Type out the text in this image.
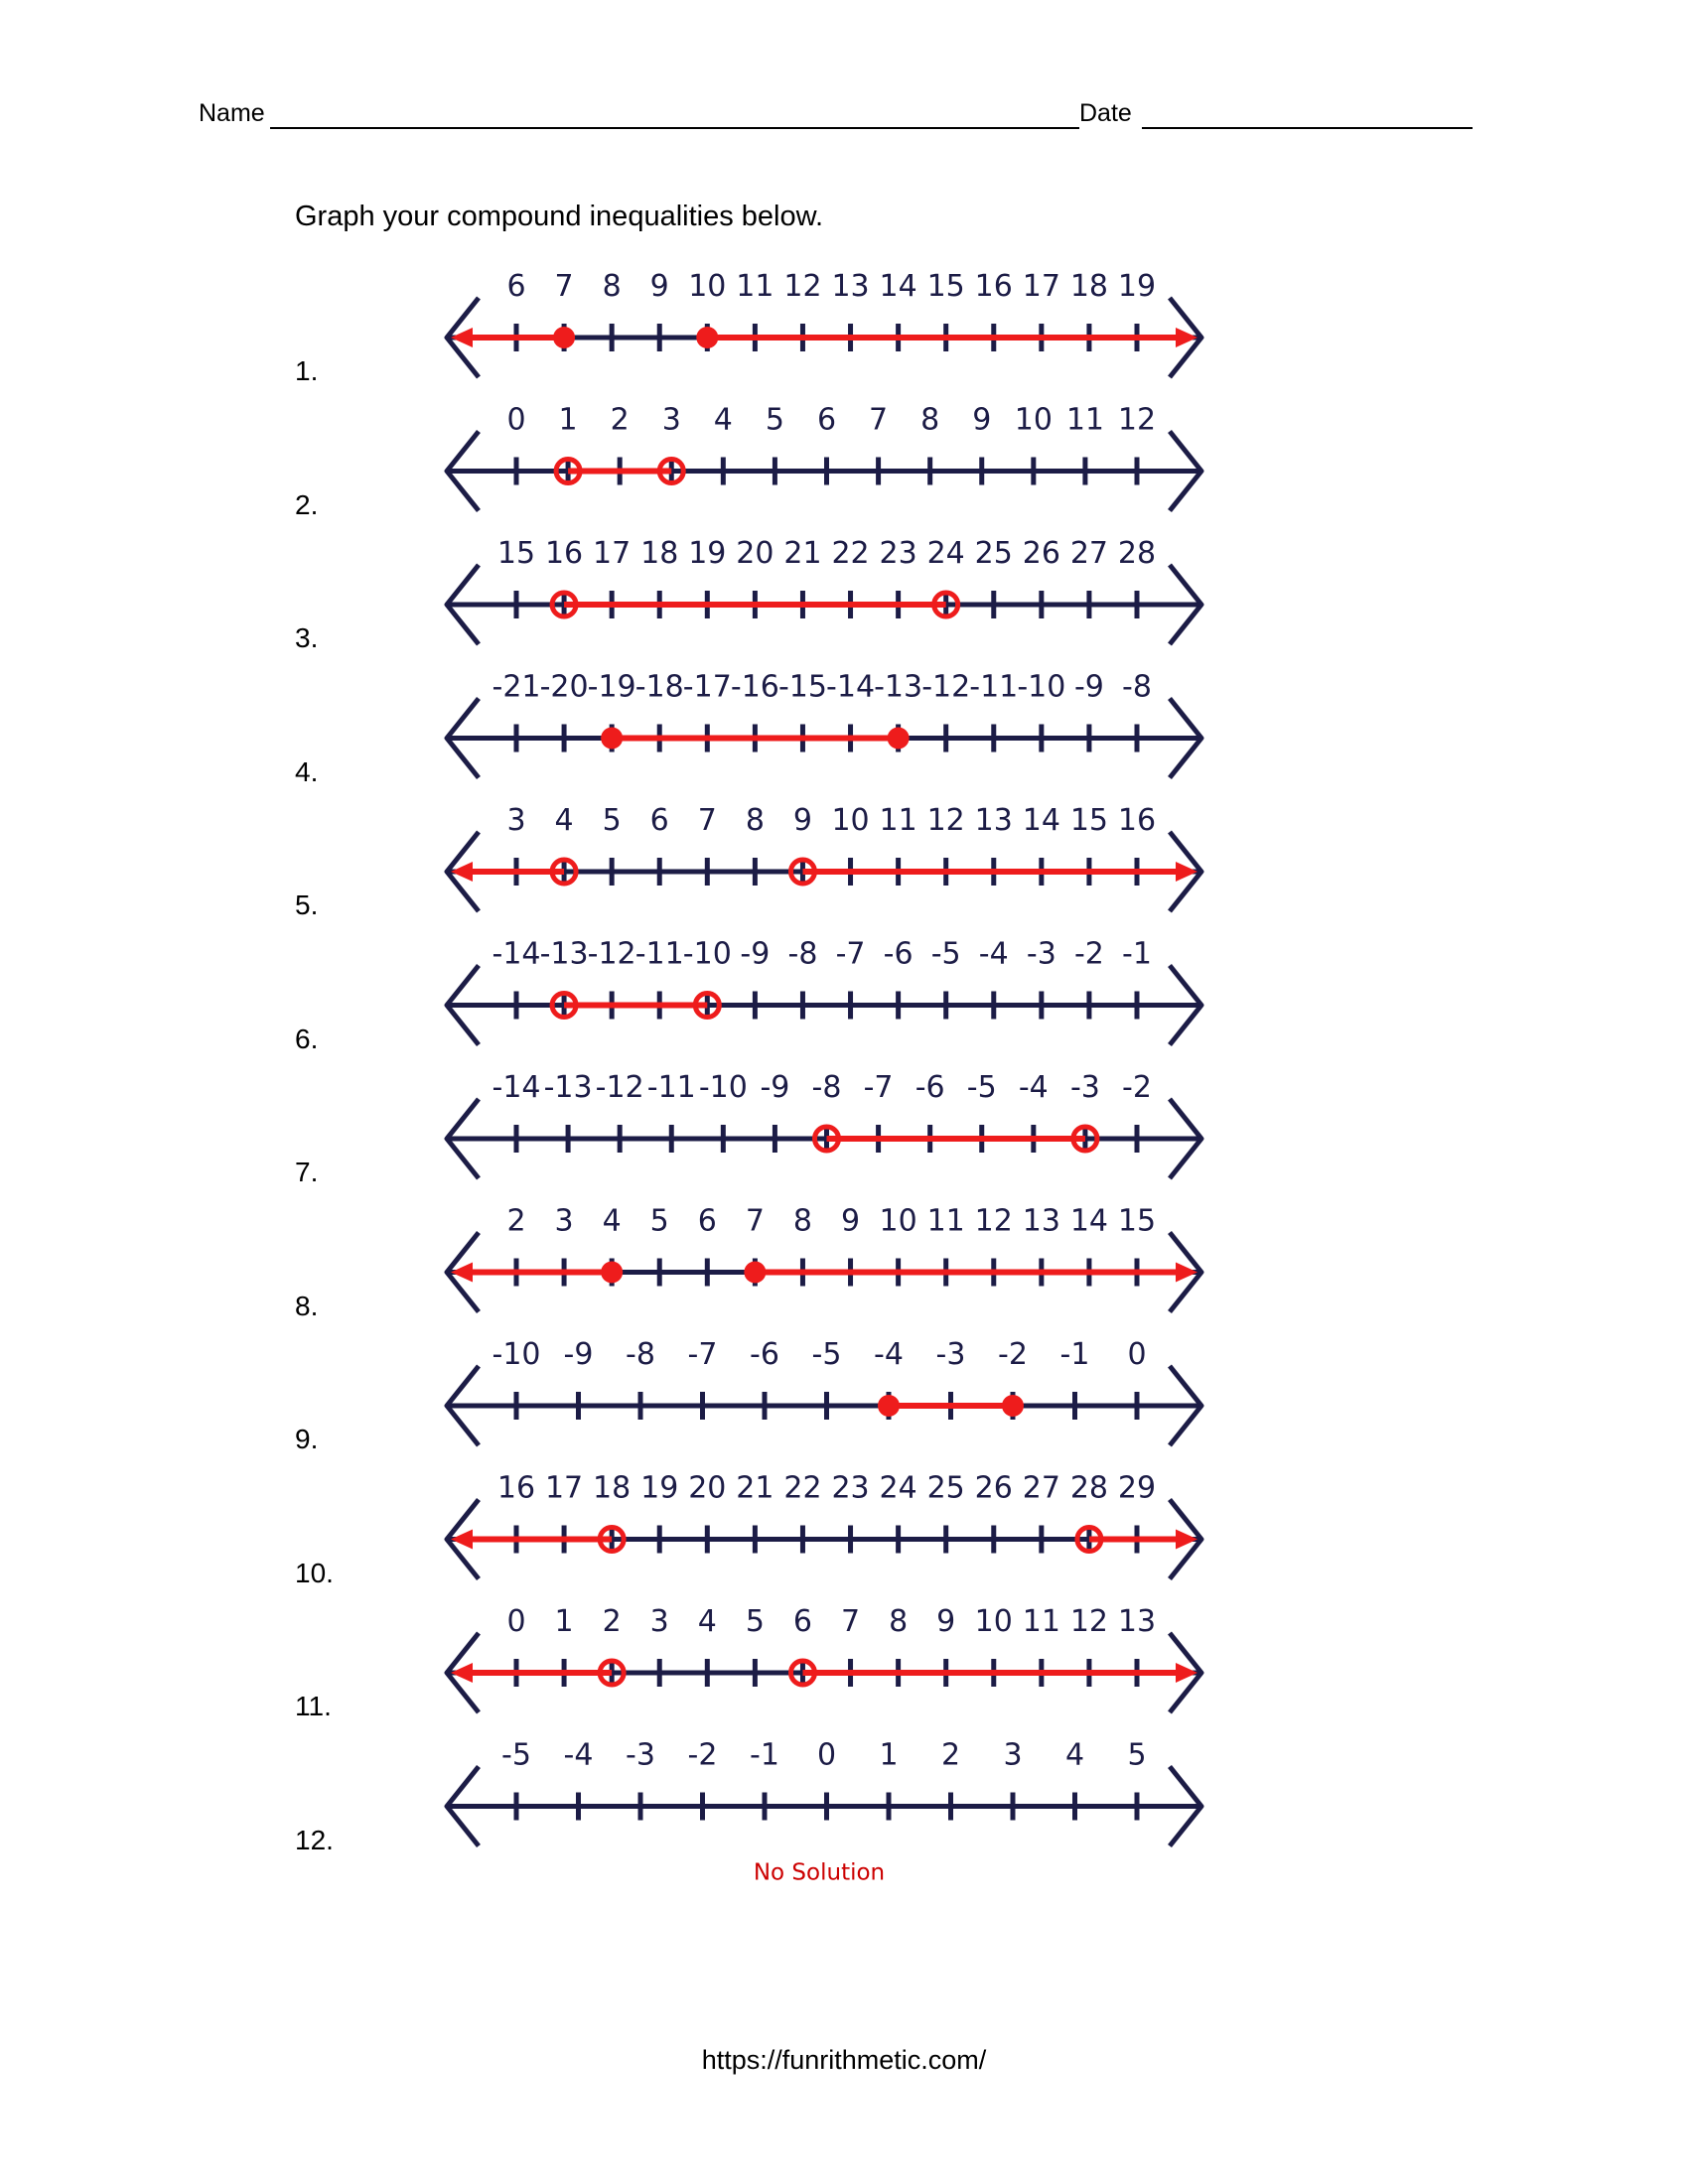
Name	Date
Graph your compound inequalities below.
1.
2.
3.
4.
5.
6.
7.
8.
9.
10.
11.
12.
6 7 8 9 10 11 12 13 14 15 16 17 18 19
0 1 2 3 4 5 6 7 8 9 10 11 12
15 16 17 18 19 20 21 22 23 24 25 26 27 28
-21 -20 -19 -18 -17 -16 -15 -14 -13 -12 -11 -10 -9 -8
3 4 5 6 7 8 9 10 11 12 13 14 15 16
-14 -13 -12 -11 -10 -9 -8 -7 -6 -5 -4 -3 -2 -1
-14 -13 -12 -11 -10 -9 -8 -7 -6 -5 -4 -3 -2
2 3 4 5 6 7 8 9 10 11 12 13 14 15
-10 -9 -8 -7 -6 -5 -4 -3 -2 -1 0
16 17 18 19 20 21 22 23 24 25 26 27 28 29
0 1 2 3 4 5 6 7 8 9 10 11 12 13
-5 -4 -3 -2 -1 0 1 2 3 4 5
No Solution
https://funrithmetic.com/
